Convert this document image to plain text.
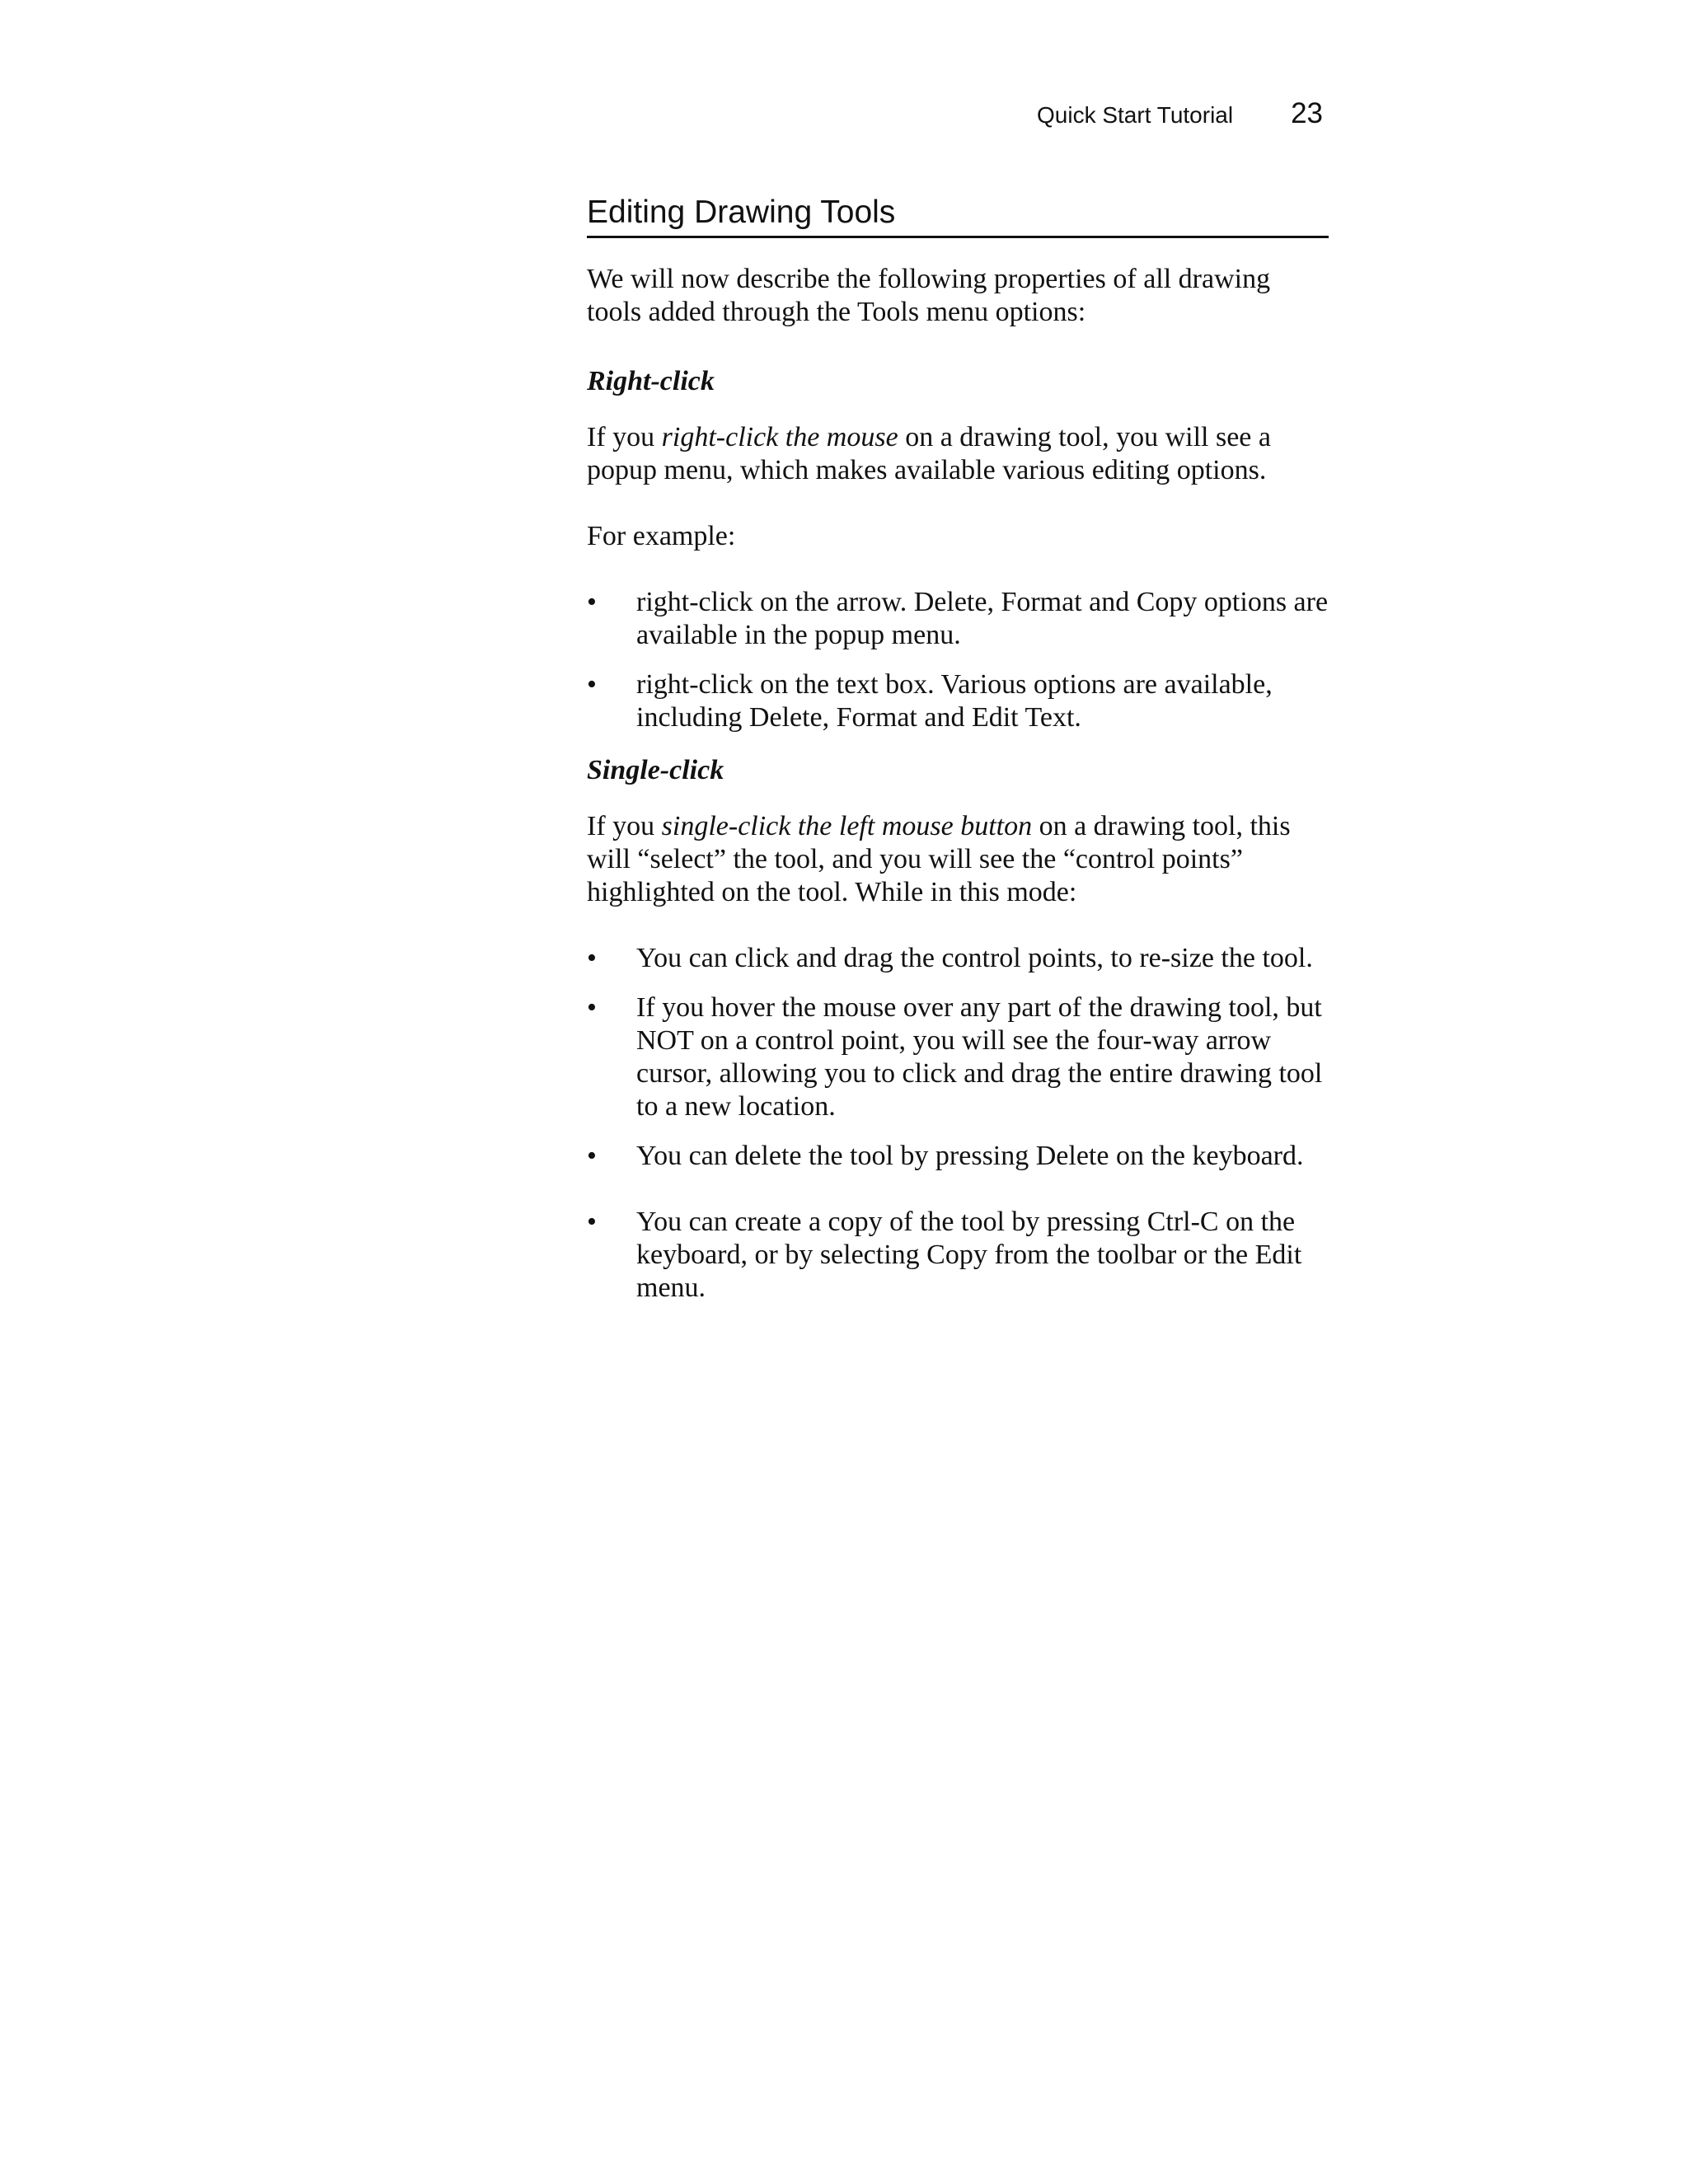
Quick Start Tutorial 23
Editing Drawing Tools

We will now describe the following properties of all drawing tools added through the Tools menu options:

Right-click

If you right-click the mouse on a drawing tool, you will see a popup menu, which makes available various editing options.

For example:

• right-click on the arrow. Delete, Format and Copy options are available in the popup menu.
• right-click on the text box. Various options are available, including Delete, Format and Edit Text.

Single-click

If you single-click the left mouse button on a drawing tool, this will “select” the tool, and you will see the “control points” highlighted on the tool. While in this mode:

• You can click and drag the control points, to re-size the tool.
• If you hover the mouse over any part of the drawing tool, but NOT on a control point, you will see the four-way arrow cursor, allowing you to click and drag the entire drawing tool to a new location.
• You can delete the tool by pressing Delete on the keyboard.
• You can create a copy of the tool by pressing Ctrl-C on the keyboard, or by selecting Copy from the toolbar or the Edit menu.
